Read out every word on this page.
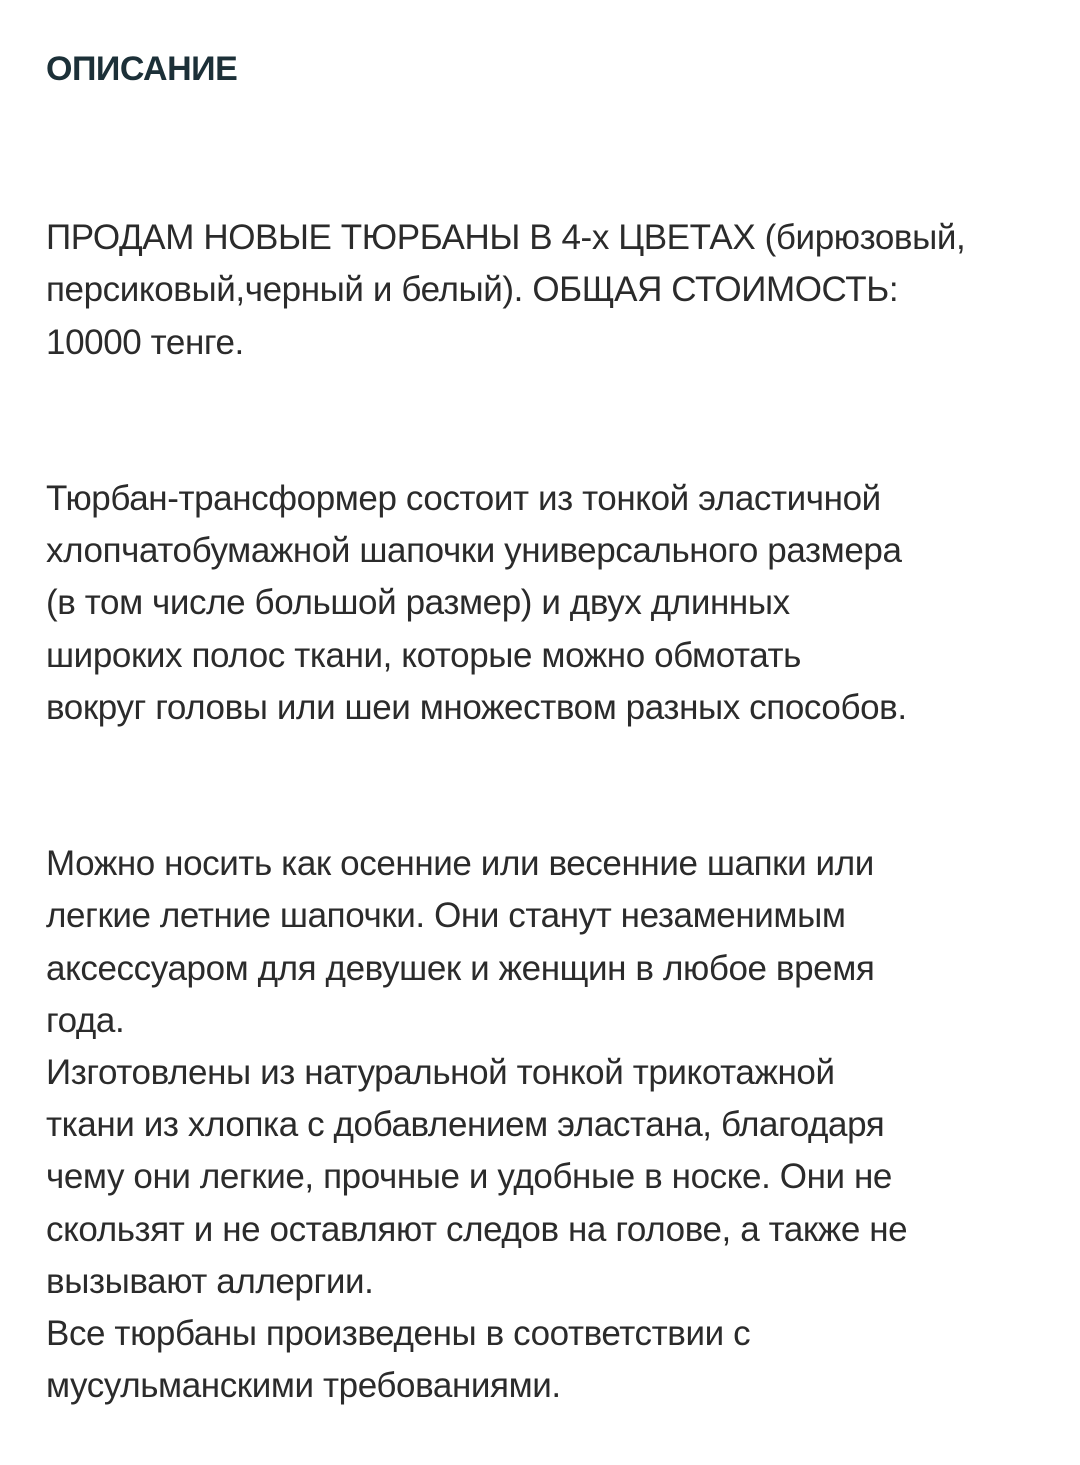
ОПИСАНИЕ

ПРОДАМ НОВЫЕ ТЮРБАНЫ В 4-х ЦВЕТАХ (бирюзовый,
персиковый,черный и белый). ОБЩАЯ СТОИМОСТЬ:
10000 тенге.

Тюрбан-трансформер состоит из тонкой эластичной
хлопчатобумажной шапочки универсального размера
(в том числе большой размер) и двух длинных
широких полос ткани, которые можно обмотать
вокруг головы или шеи множеством разных способов.

Можно носить как осенние или весенние шапки или
легкие летние шапочки. Они станут незаменимым
аксессуаром для девушек и женщин в любое время
года.
Изготовлены из натуральной тонкой трикотажной
ткани из хлопка с добавлением эластана, благодаря
чему они легкие, прочные и удобные в носке. Они не
скользят и не оставляют следов на голове, а также не
вызывают аллергии.
Все тюрбаны произведены в соответствии с
мусульманскими требованиями.
